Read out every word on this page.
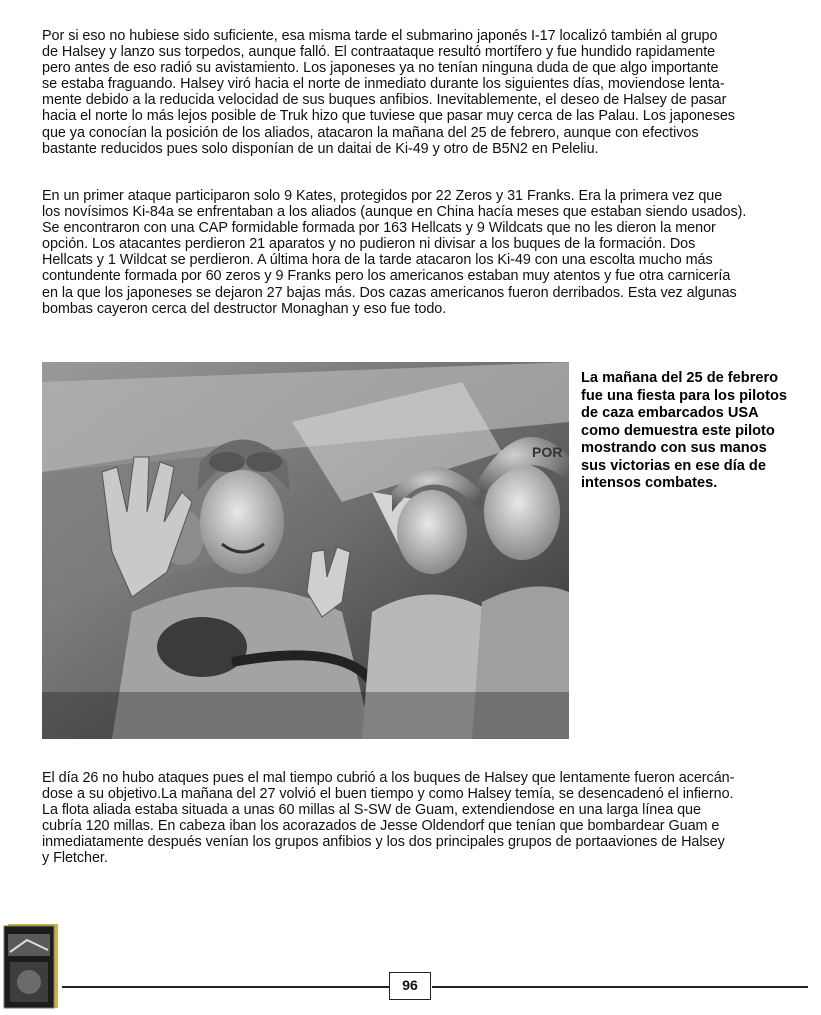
Por si eso no hubiese sido suficiente, esa misma tarde el submarino japonés I-17 localizó también al grupo
de Halsey y lanzo sus torpedos, aunque falló. El contraataque resultó mortífero y fue hundido rapidamente
pero antes de eso radió su avistamiento. Los japoneses ya no tenían ninguna duda de que algo importante
se estaba fraguando. Halsey viró hacia el norte de inmediato durante los siguientes días, moviendose lenta-
mente debido a la reducida velocidad de sus buques anfibios. Inevitablemente, el deseo de Halsey de pasar
hacia el norte lo más lejos posible de Truk hizo que tuviese que pasar muy cerca de las Palau. Los japoneses
que ya conocían la posición de los aliados, atacaron la mañana del 25 de febrero, aunque con efectivos
bastante reducidos pues solo disponían de un daitai de Ki-49 y otro de B5N2 en Peleliu.

En un primer ataque participaron solo 9 Kates, protegidos por 22 Zeros y 31 Franks. Era la primera vez que
los novísimos Ki-84a se enfrentaban a los aliados (aunque en China hacía meses que estaban siendo usados).
Se encontraron con una CAP formidable formada por 163 Hellcats y 9 Wildcats que no les dieron la menor
opción. Los atacantes perdieron 21 aparatos y no pudieron ni divisar a los buques de la formación. Dos
Hellcats y 1 Wildcat se perdieron. A última hora de la tarde atacaron los Ki-49 con una escolta mucho más
contundente formada por 60 zeros y 9 Franks pero los americanos estaban muy atentos y fue otra carnicería
en la que los japoneses se dejaron 27 bajas más. Dos cazas americanos fueron derribados. Esta vez algunas
bombas cayeron cerca del destructor Monaghan y eso fue todo.

POR

La mañana del 25 de febrero
fue una fiesta para los pilotos
de caza embarcados USA
como demuestra este piloto
mostrando con sus manos
sus victorias en ese día de
intensos combates.

El día 26 no hubo ataques pues el mal tiempo cubrió a los buques de Halsey que lentamente fueron acercán-
dose a su objetivo.La mañana del 27 volvió el buen tiempo y como Halsey temía, se desencadenó el infierno.
La flota aliada estaba situada a unas 60 millas al S-SW de Guam, extendiendose en una larga línea que
cubría 120 millas. En cabeza iban los acorazados de Jesse Oldendorf que tenían que bombardear Guam e
inmediatamente después venían los grupos anfibios y los dos principales grupos de portaaviones de Halsey
y Fletcher.

96
